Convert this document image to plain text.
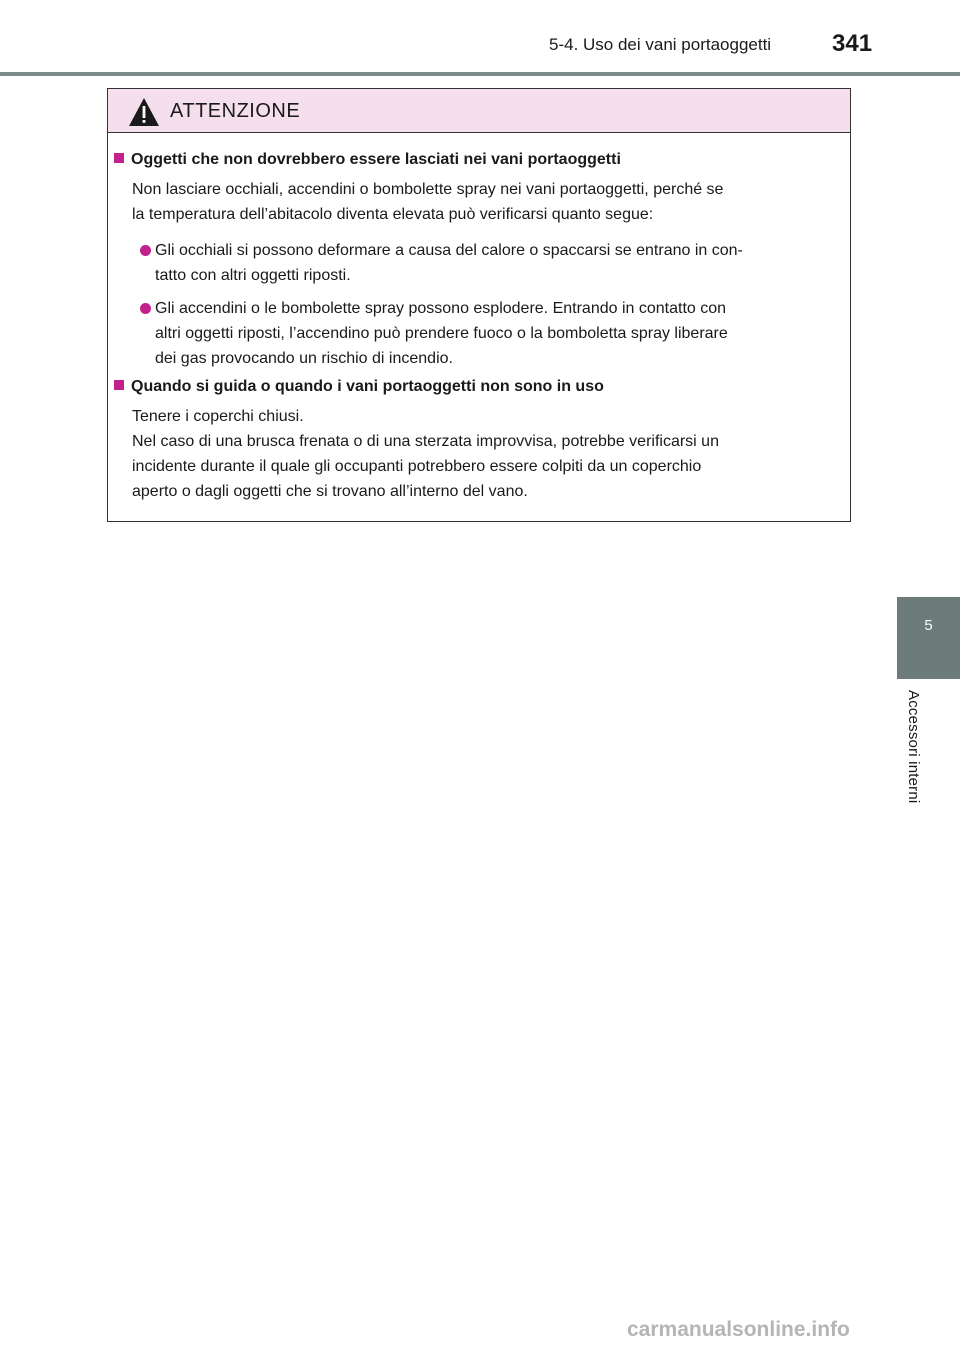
5-4. Uso dei vani portaoggetti	341
5
Accessori interni
ATTENZIONE
Oggetti che non dovrebbero essere lasciati nei vani portaoggetti
Non lasciare occhiali, accendini o bombolette spray nei vani portaoggetti, perché se
la temperatura dell’abitacolo diventa elevata può verificarsi quanto segue:
Gli occhiali si possono deformare a causa del calore o spaccarsi se entrano in con-
tatto con altri oggetti riposti.
Gli accendini o le bombolette spray possono esplodere. Entrando in contatto con
altri oggetti riposti, l’accendino può prendere fuoco o la bomboletta spray liberare
dei gas provocando un rischio di incendio.
Quando si guida o quando i vani portaoggetti non sono in uso
Tenere i coperchi chiusi.
Nel caso di una brusca frenata o di una sterzata improvvisa, potrebbe verificarsi un
incidente durante il quale gli occupanti potrebbero essere colpiti da un coperchio
aperto o dagli oggetti che si trovano all’interno del vano.
carmanualsonline.info
